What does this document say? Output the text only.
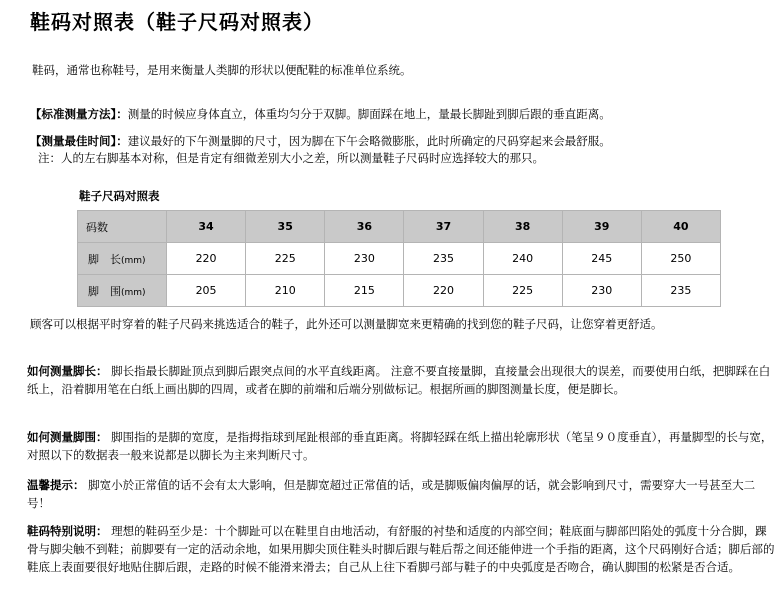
鞋码对照表（鞋子尺码对照表）
鞋码，通常也称鞋号，是用来衡量人类脚的形状以便配鞋的标准单位系统。
【标准测量方法】：测量的时候应身体直立，体重均匀分于双脚。脚面踩在地上，量最长脚趾到脚后跟的垂直距离。
【测量最佳时间】：建议最好的下午测量脚的尺寸，因为脚在下午会略微膨胀，此时所确定的尺码穿起来会最舒服。
注：人的左右脚基本对称，但是肯定有细微差别大小之差，所以测量鞋子尺码时应选择较大的那只。
鞋子尺码对照表
码数	34	35	36	37	38	39	40
脚　长(mm)	220	225	230	235	240	245	250
脚　围(mm)	205	210	215	220	225	230	235
顾客可以根据平时穿着的鞋子尺码来挑选适合的鞋子，此外还可以测量脚宽来更精确的找到您的鞋子尺码，让您穿着更舒适。
如何测量脚长： 脚长指最长脚趾顶点到脚后跟突点间的水平直线距离。 注意不要直接量脚，直接量会出现很大的误差，而要使用白纸，把脚踩在白纸上，沿着脚用笔在白纸上画出脚的四周，或者在脚的前端和后端分别做标记。根据所画的脚图测量长度，便是脚长。
如何测量脚围： 脚围指的是脚的宽度，是指拇指球到尾趾根部的垂直距离。将脚轻踩在纸上描出轮廓形状（笔呈９０度垂直），再量脚型的长与宽，对照以下的数据表一般来说都是以脚长为主来判断尺寸。
温馨提示： 脚宽小於正常值的话不会有太大影响，但是脚宽超过正常值的话，或是脚贩偏肉偏厚的话，就会影响到尺寸，需要穿大一号甚至大二号！
鞋码特别说明： 理想的鞋码至少是：十个脚趾可以在鞋里自由地活动，有舒服的衬垫和适度的内部空间；鞋底面与脚部凹陷处的弧度十分合脚，踝骨与脚尖触不到鞋；前脚要有一定的活动余地，如果用脚尖顶住鞋头时脚后跟与鞋后帮之间还能伸进一个手指的距离，这个尺码刚好合适；脚后部的鞋底上表面要很好地贴住脚后跟，走路的时候不能滑来滑去；自己从上往下看脚弓部与鞋子的中央弧度是否吻合，确认脚围的松紧是否合适。
